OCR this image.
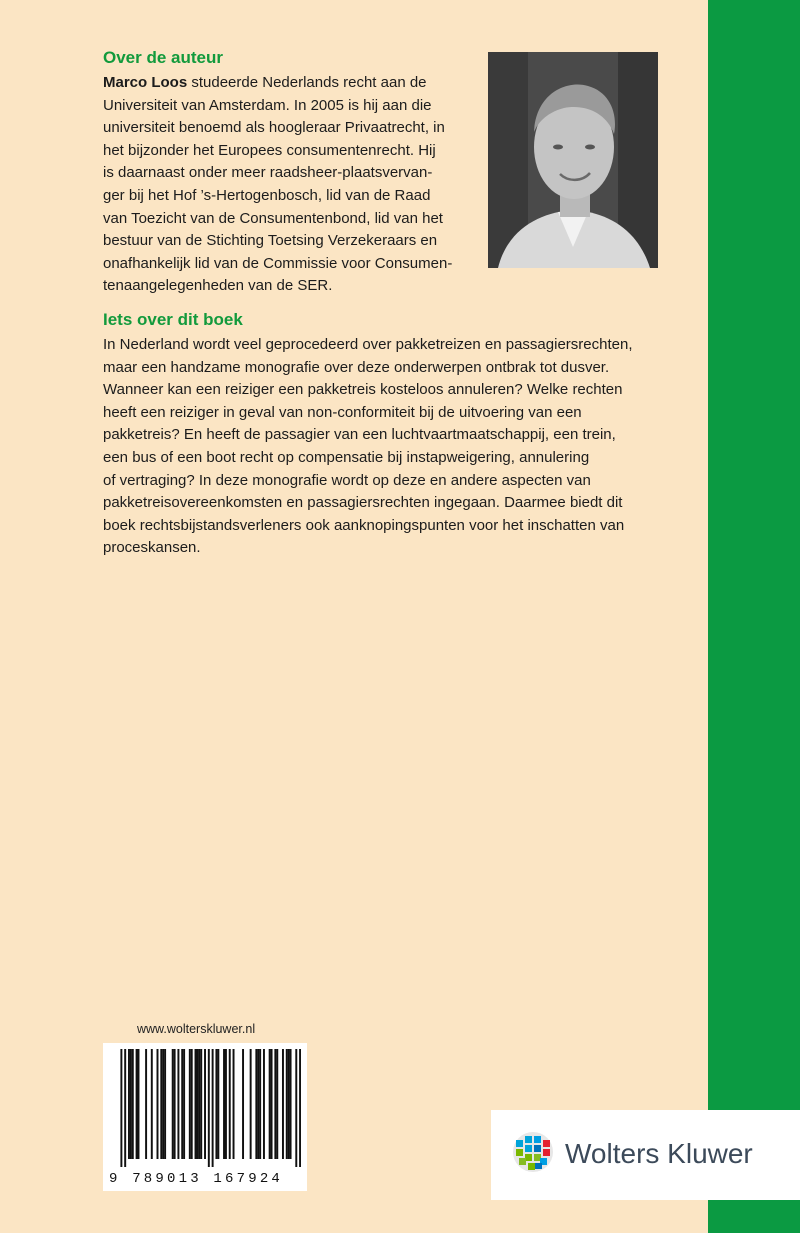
Over de auteur

Marco Loos studeerde Nederlands recht aan de
Universiteit van Amsterdam. In 2005 is hij aan die
universiteit benoemd als hoogleraar Privaatrecht, in
het bijzonder het Europees consumentenrecht. Hij
is daarnaast onder meer raadsheer-plaatsvervan-
ger bij het Hof ’s-Hertogenbosch, lid van de Raad
van Toezicht van de Consumentenbond, lid van het
bestuur van de Stichting Toetsing Verzekeraars en
onafhankelijk lid van de Commissie voor Consumen-
tenaangelegenheden van de SER.

Iets over dit boek

In Nederland wordt veel geprocedeerd over pakketreizen en passagiersrechten,
maar een handzame monografie over deze onderwerpen ontbrak tot dusver.
Wanneer kan een reiziger een pakketreis kosteloos annuleren? Welke rechten
heeft een reiziger in geval van non-conformiteit bij de uitvoering van een
pakketreis? En heeft de passagier van een luchtvaartmaatschappij, een trein,
een bus of een boot recht op compensatie bij instapweigering, annulering
of vertraging? In deze monografie wordt op deze en andere aspecten van
pakketreisovereenkomsten en passagiersrechten ingegaan. Daarmee biedt dit
boek rechtsbijstandsverleners ook aanknopingspunten voor het inschatten van
proceskansen.

www.wolterskluwer.nl

9 789013 167924

Wolters Kluwer
